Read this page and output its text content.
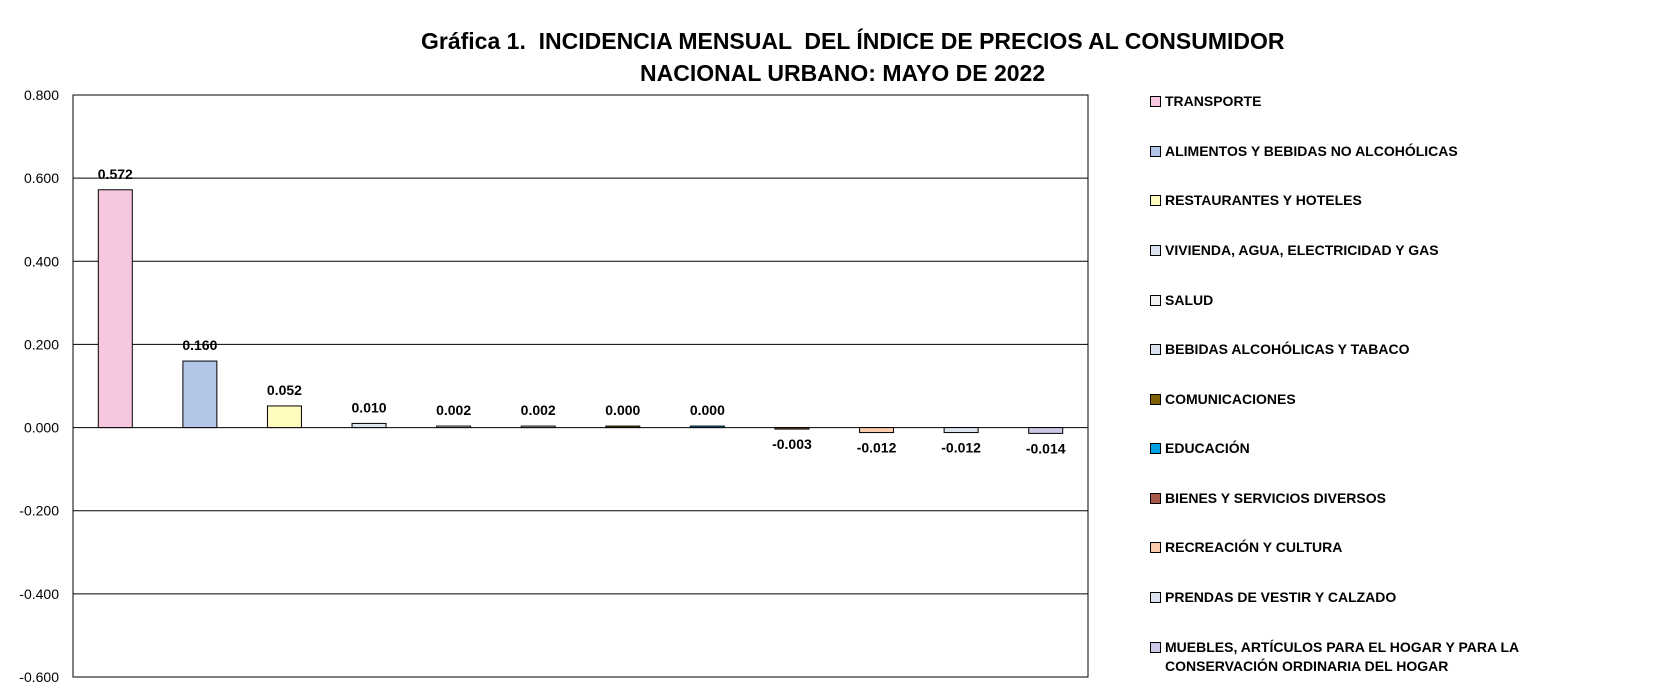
Gráfica 1.  INCIDENCIA MENSUAL  DEL ÍNDICE DE PRECIOS AL CONSUMIDOR
NACIONAL URBANO: MAYO DE 2022
0.800
0.600
0.400
0.200
0.000
-0.200
-0.400
-0.600
0.572
0.160
0.052
0.010	0.002	0.002	0.000	0.000
-0.003	-0.012	-0.012	-0.014
TRANSPORTE
ALIMENTOS Y BEBIDAS NO ALCOHÓLICAS
RESTAURANTES Y HOTELES
VIVIENDA, AGUA, ELECTRICIDAD Y GAS
SALUD
BEBIDAS ALCOHÓLICAS Y TABACO
COMUNICACIONES
EDUCACIÓN
BIENES Y SERVICIOS DIVERSOS
RECREACIÓN Y CULTURA
PRENDAS DE VESTIR Y CALZADO
MUEBLES, ARTÍCULOS PARA EL HOGAR Y PARA LA CONSERVACIÓN ORDINARIA DEL HOGAR
